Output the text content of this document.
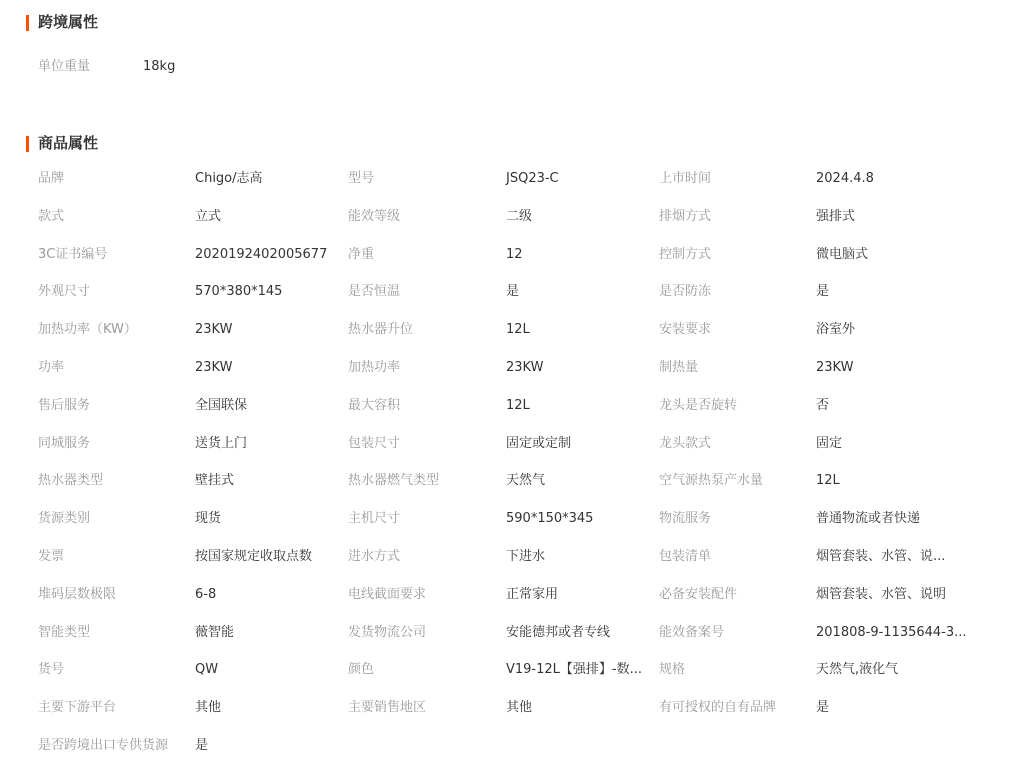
跨境属性
单位重量	18kg
商品属性
品牌	Chigo/志高	型号	JSQ23-C	上市时间	2024.4.8
款式	立式	能效等级	二级	排烟方式	强排式
3C证书编号	2020192402005677	净重	12	控制方式	微电脑式
外观尺寸	570*380*145	是否恒温	是	是否防冻	是
加热功率（KW）	23KW	热水器升位	12L	安装要求	浴室外
功率	23KW	加热功率	23KW	制热量	23KW
售后服务	全国联保	最大容积	12L	龙头是否旋转	否
同城服务	送货上门	包装尺寸	固定或定制	龙头款式	固定
热水器类型	壁挂式	热水器燃气类型	天然气	空气源热泵产水量	12L
货源类别	现货	主机尺寸	590*150*345	物流服务	普通物流或者快递
发票	按国家规定收取点数	进水方式	下进水	包装清单	烟管套装、水管、说...
堆码层数极限	6-8	电线截面要求	正常家用	必备安装配件	烟管套装、水管、说明
智能类型	薇智能	发货物流公司	安能德邦或者专线	能效备案号	201808-9-1135644-3...
货号	QW	颜色	V19-12L【强排】-数... 规格	天然气,液化气
主要下游平台	其他	主要销售地区	其他	有可授权的自有品牌	是
是否跨境出口专供货源	是
